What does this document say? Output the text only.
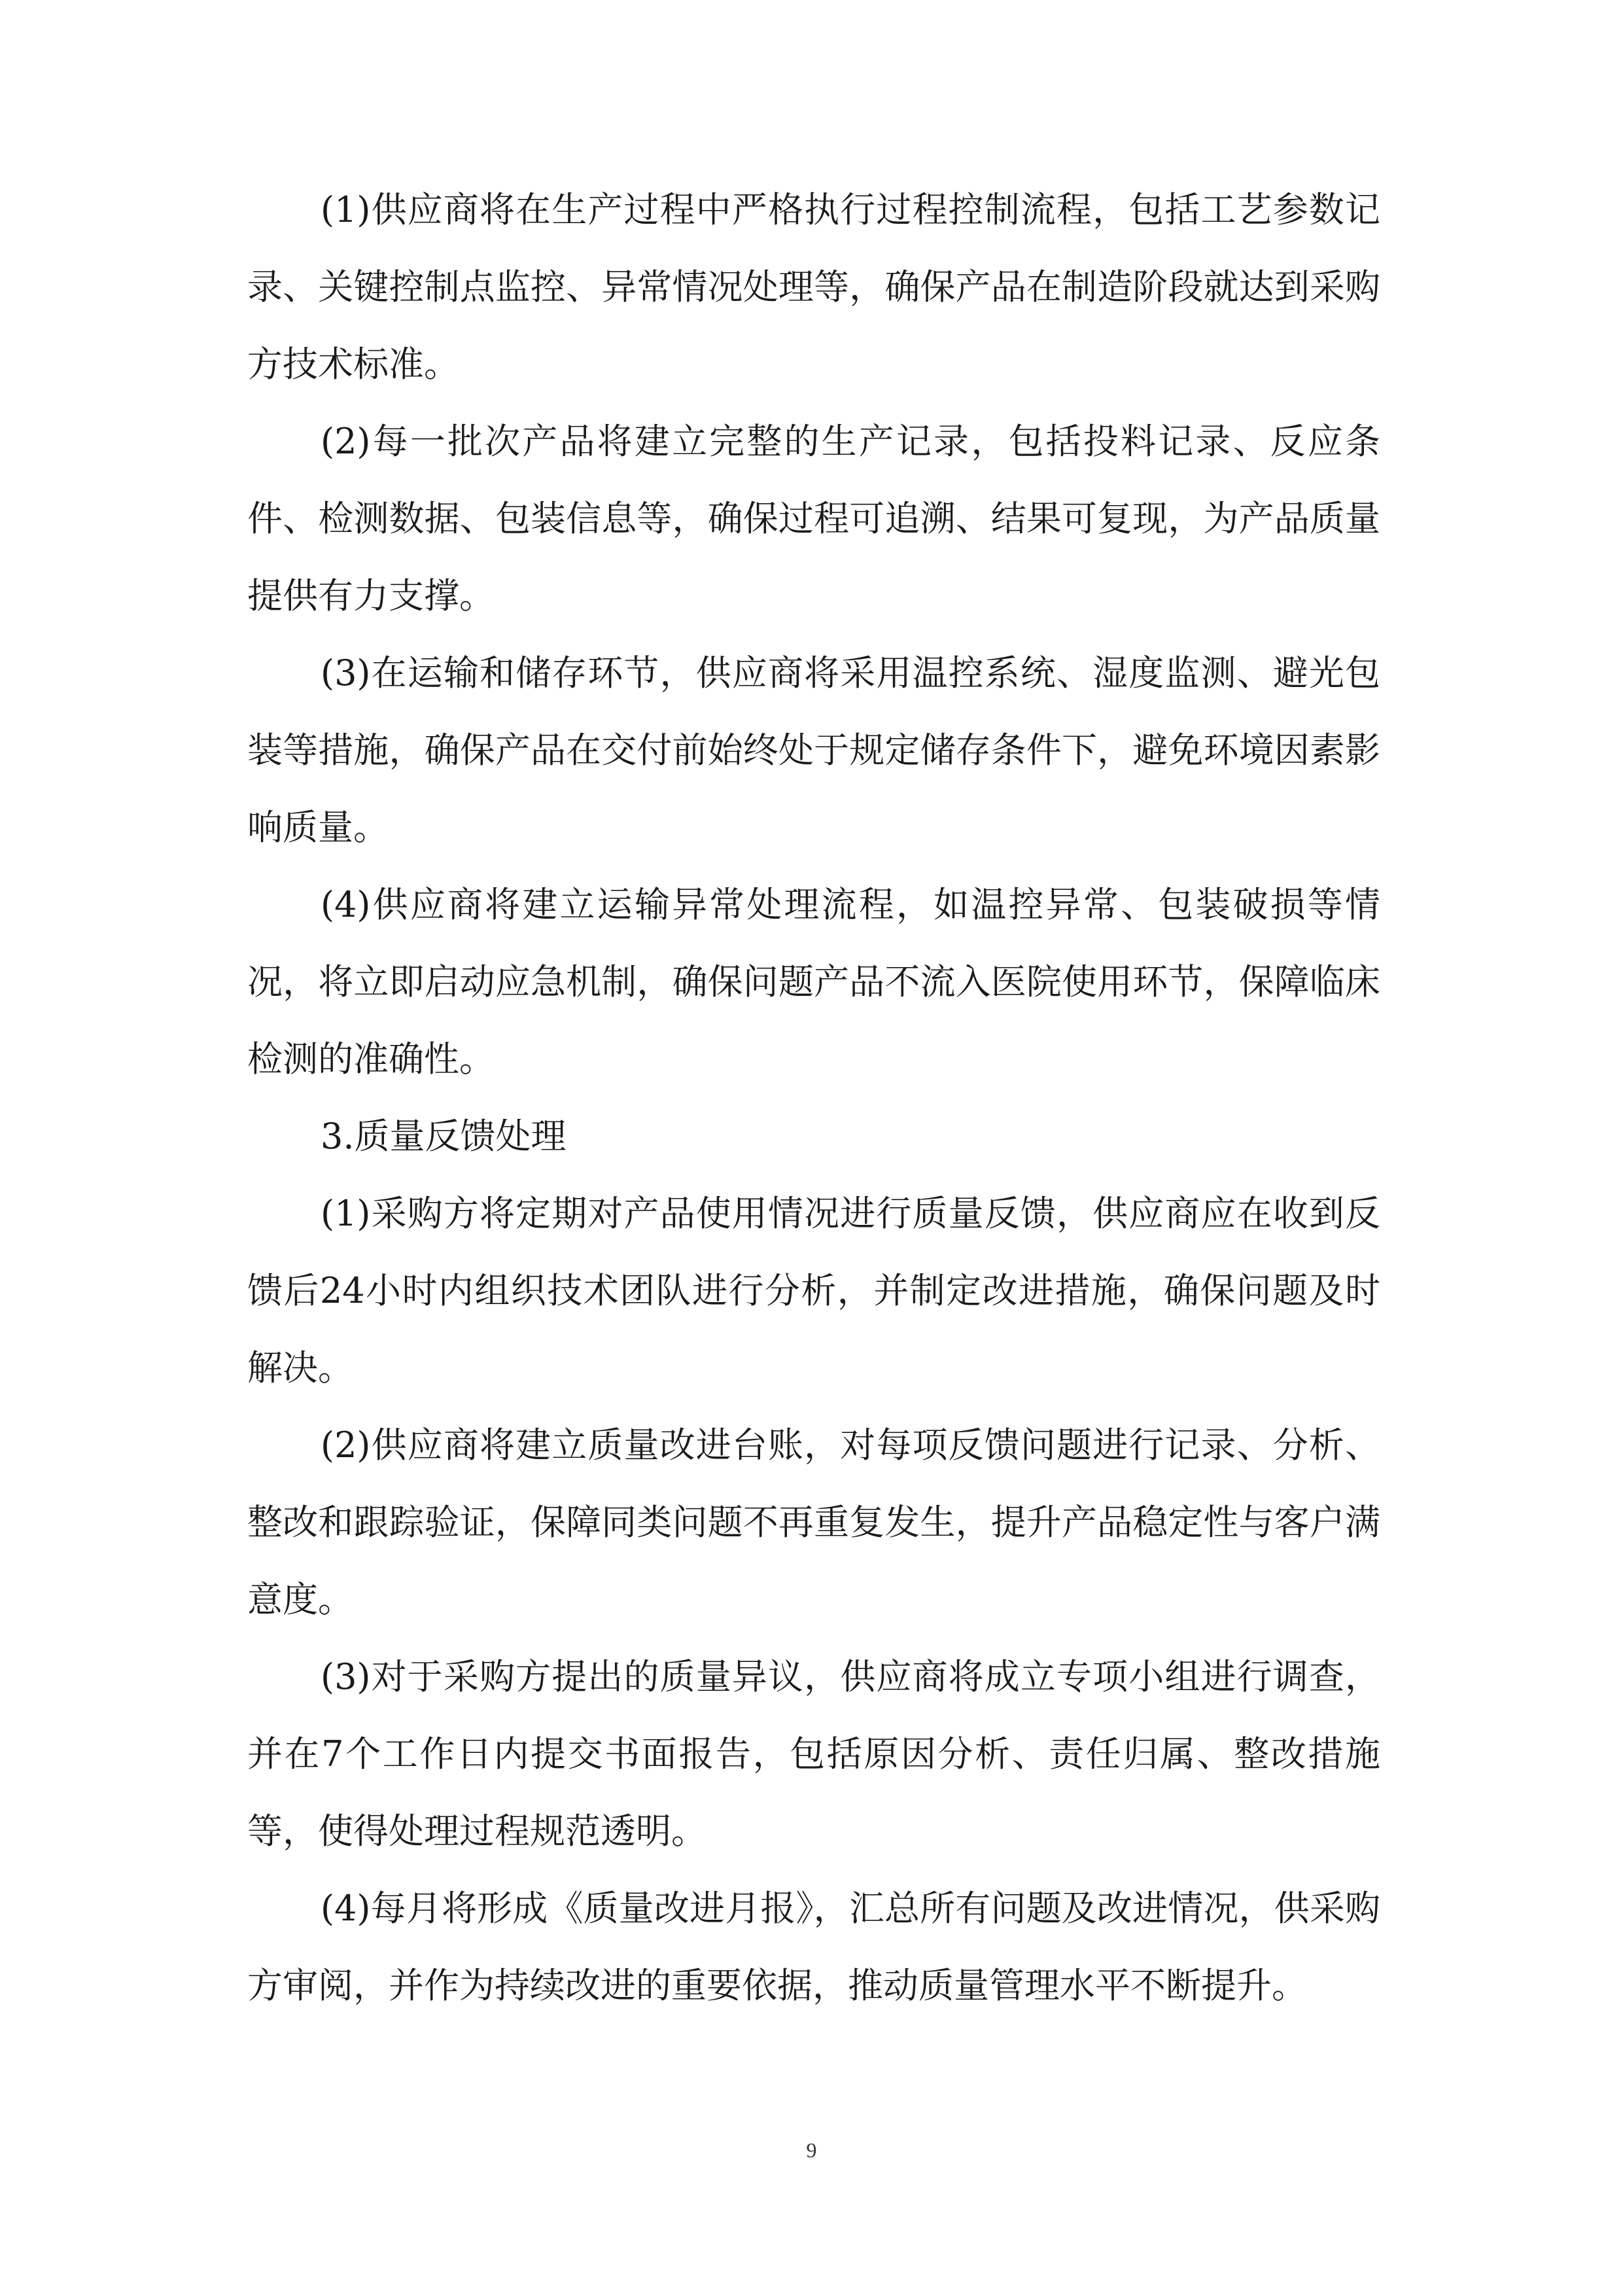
(1)供应商将在生产过程中严格执行过程控制流程，包括工艺参数记录、关键控制点监控、异常情况处理等，确保产品在制造阶段就达到采购方技术标准。

(2)每一批次产品将建立完整的生产记录，包括投料记录、反应条件、检测数据、包装信息等，确保过程可追溯、结果可复现，为产品质量提供有力支撑。

(3)在运输和储存环节，供应商将采用温控系统、湿度监测、避光包装等措施，确保产品在交付前始终处于规定储存条件下，避免环境因素影响质量。

(4)供应商将建立运输异常处理流程，如温控异常、包装破损等情况，将立即启动应急机制，确保问题产品不流入医院使用环节，保障临床检测的准确性。

3.质量反馈处理

(1)采购方将定期对产品使用情况进行质量反馈，供应商应在收到反馈后24小时内组织技术团队进行分析，并制定改进措施，确保问题及时解决。

(2)供应商将建立质量改进台账，对每项反馈问题进行记录、分析、整改和跟踪验证，保障同类问题不再重复发生，提升产品稳定性与客户满意度。

(3)对于采购方提出的质量异议，供应商将成立专项小组进行调查，并在7个工作日内提交书面报告，包括原因分析、责任归属、整改措施等，使得处理过程规范透明。

(4)每月将形成《质量改进月报》，汇总所有问题及改进情况，供采购方审阅，并作为持续改进的重要依据，推动质量管理水平不断提升。

9
